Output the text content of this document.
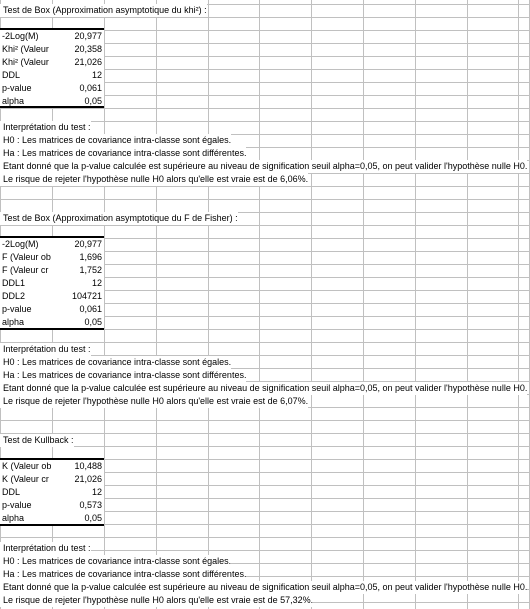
Test de Box (Approximation asymptotique du khi²) :
-2Log(M)	20,977
Khi² (Valeur	20,358
Khi² (Valeur	21,026
DDL	12
p-value	0,061
alpha	0,05
Interprétation du test :
H0 : Les matrices de covariance intra-classe sont égales.
Ha : Les matrices de covariance intra-classe sont différentes.
Etant donné que la p-value calculée est supérieure au niveau de signification seuil alpha=0,05, on peut valider l'hypothèse nulle H0.
Le risque de rejeter l'hypothèse nulle H0 alors qu'elle est vraie est de 6,06%.
Test de Box (Approximation asymptotique du F de Fisher) :
-2Log(M)	20,977
F (Valeur ob	1,696
F (Valeur cr	1,752
DDL1	12
DDL2	104721
p-value	0,061
alpha	0,05
Interprétation du test :
H0 : Les matrices de covariance intra-classe sont égales.
Ha : Les matrices de covariance intra-classe sont différentes.
Etant donné que la p-value calculée est supérieure au niveau de signification seuil alpha=0,05, on peut valider l'hypothèse nulle H0.
Le risque de rejeter l'hypothèse nulle H0 alors qu'elle est vraie est de 6,07%.
Test de Kullback :
K (Valeur ob	10,488
K (Valeur cr	21,026
DDL	12
p-value	0,573
alpha	0,05
Interprétation du test :
H0 : Les matrices de covariance intra-classe sont égales.
Ha : Les matrices de covariance intra-classe sont différentes.
Etant donné que la p-value calculée est supérieure au niveau de signification seuil alpha=0,05, on peut valider l'hypothèse nulle H0.
Le risque de rejeter l'hypothèse nulle H0 alors qu'elle est vraie est de 57,32%.
